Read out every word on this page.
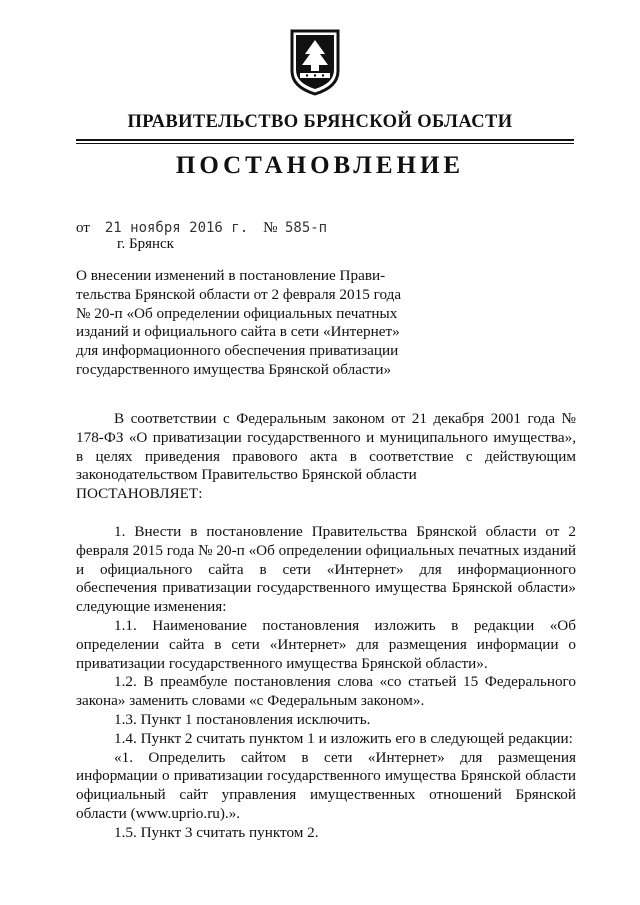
ПРАВИТЕЛЬСТВО БРЯНСКОЙ ОБЛАСТИ
ПОСТАНОВЛЕНИЕ
от 21 ноября 2016 г. № 585-п
г. Брянск
О внесении изменений в постановление Прави-
тельства Брянской области от 2 февраля 2015 года
№ 20-п «Об определении официальных печатных
изданий и официального сайта в сети «Интернет»
для информационного обеспечения приватизации
государственного имущества Брянской области»

В соответствии с Федеральным законом от 21 декабря 2001 года № 178-ФЗ «О приватизации государственного и муниципального имущества», в целях приведения правового акта в соответствие с действующим законодательством Правительство Брянской области

ПОСТАНОВЛЯЕТ:

1. Внести в постановление Правительства Брянской области от 2 февраля 2015 года № 20-п «Об определении официальных печатных изданий и официального сайта в сети «Интернет» для информационного обеспечения приватизации государственного имущества Брянской области» следующие изменения:

1.1. Наименование постановления изложить в редакции «Об определении сайта в сети «Интернет» для размещения информации о приватизации государственного имущества Брянской области».

1.2. В преамбуле постановления слова «со статьей 15 Федерального закона» заменить словами «с Федеральным законом».

1.3. Пункт 1 постановления исключить.

1.4. Пункт 2 считать пунктом 1 и изложить его в следующей редакции:

«1. Определить сайтом в сети «Интернет» для размещения информации о приватизации государственного имущества Брянской области официальный сайт управления имущественных отношений Брянской области (www.uprio.ru).».

1.5. Пункт 3 считать пунктом 2.
